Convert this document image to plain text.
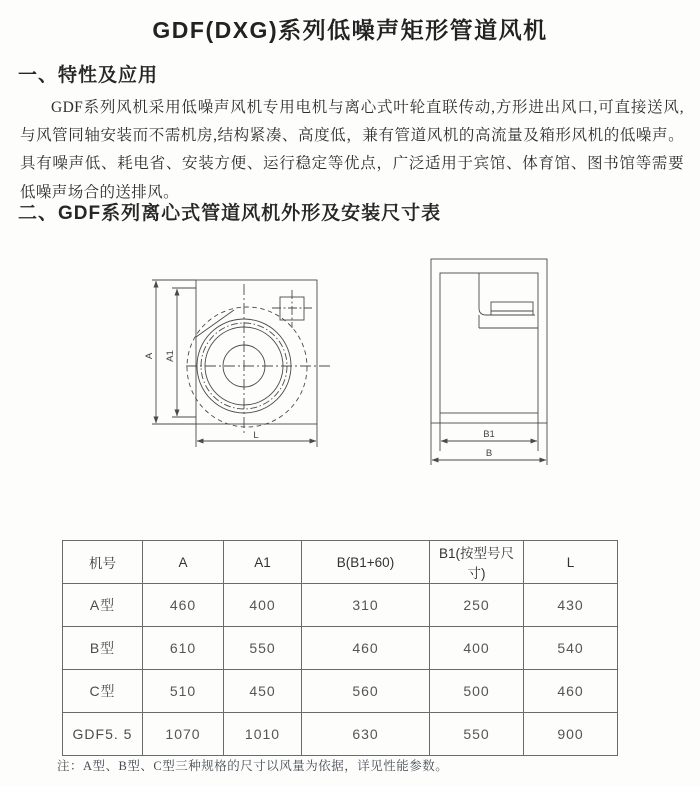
GDF(DXG)系列低噪声矩形管道风机
一、特性及应用
GDF系列风机采用低噪声风机专用电机与离心式叶轮直联传动,方形进出风口,可直接送风,与风管同轴安装而不需机房,结构紧凑、高度低，兼有管道风机的高流量及箱形风机的低噪声。具有噪声低、耗电省、安装方便、运行稳定等优点，广泛适用于宾馆、体育馆、图书馆等需要低噪声场合的送排风。
二、GDF系列离心式管道风机外形及安装尺寸表
A A1
L	B1
B
机号	A	A1	B(B1+60)	B1(按型号尺寸)	L
A型	460	400	310	250	430
B型	610	550	460	400	540
C型	510	450	560	500	460
GDF5. 5	1070	1010	630	550	900
注：A型、B型、C型三种规格的尺寸以风量为依据，详见性能参数。
